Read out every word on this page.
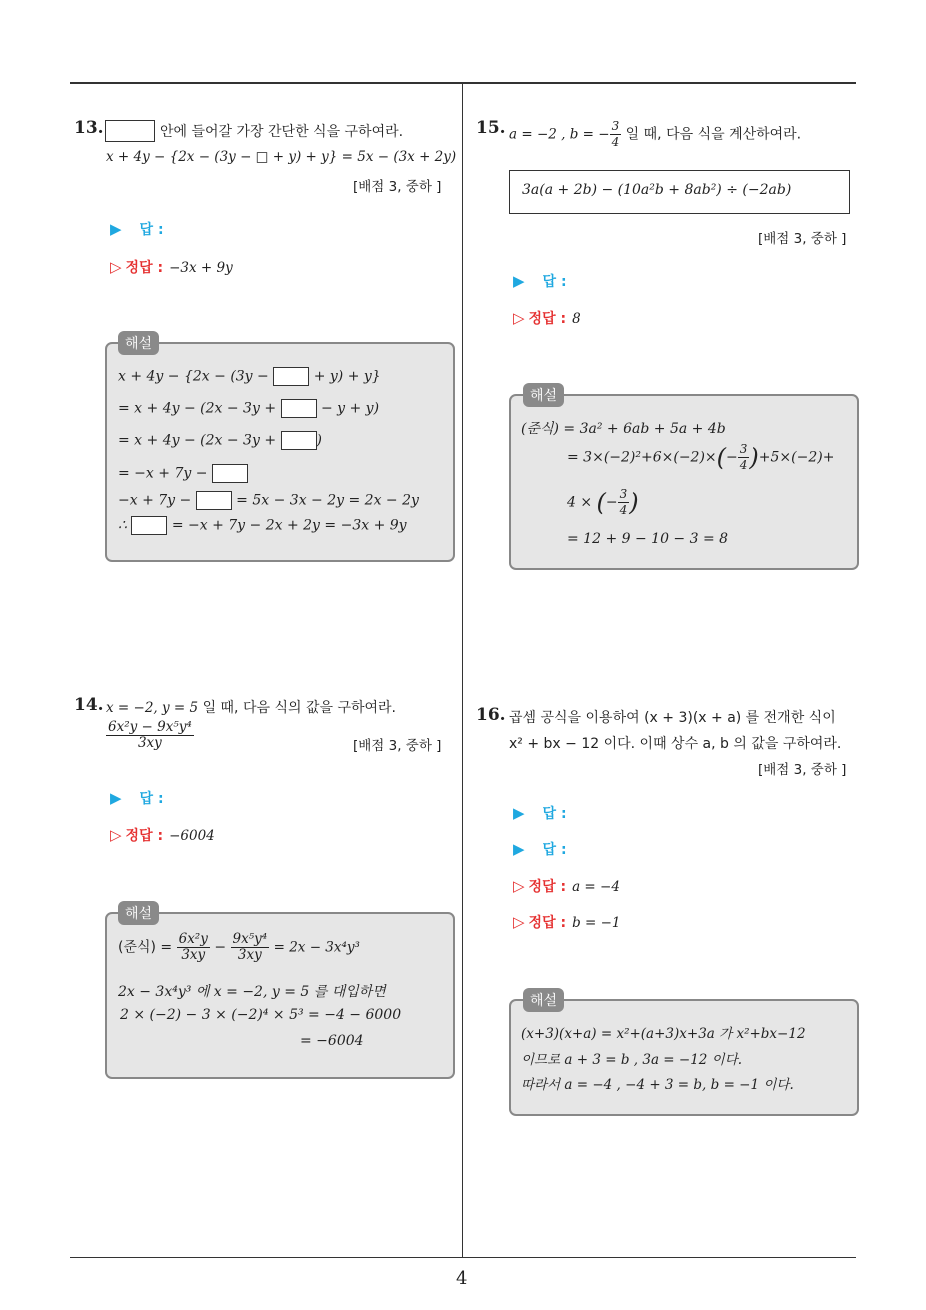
4
13.	안에 들어갈 가장 간단한 식을 구하여라.
x + 4y − {2x − (3y − □ + y) + y} = 5x − (3x + 2y)
[배점 3, 중하 ]
▶ 답 :
▷ 정답 : −3x + 9y
해설
x + 4y − {2x − (3y −	+ y) + y}
= x + 4y − (2x − 3y +	− y + y)
= x + 4y − (2x − 3y +	)
= −x + 7y −
−x + 7y −	= 5x − 3x − 2y = 2x − 2y
∴	= −x + 7y − 2x + 2y = −3x + 9y
14. x = −2, y = 5 일 때, 다음 식의 값을 구하여라.
$\frac{\text{6x²y − 9x⁵y⁴}}{3xy}$	[배점 3, 중하 ]
▶ 답 :
▷ 정답 : −6004
해설
(준식) = $\frac{\text{6x²y}}{3xy} - \frac{\text{9x⁵y⁴}}{3xy} = 2x - 3x^4y^3$
2x − 3x⁴y³ 에 x = −2, y = 5 를 대입하면
2 × (−2) − 3 × (−2)⁴ × 5³ = −4 − 6000
= −6004
15. a = −2 , b = − $\frac{3}{4}$ 일 때, 다음 식을 계산하여라.
3a(a + 2b) − (10a²b + 8ab²) ÷ (−2ab)
[배점 3, 중하 ]
▶ 답 :
▷ 정답 : 8
해설
(준식) = 3a² + 6ab + 5a + 4b
= $3\times(-2)^2+6\times(-2)\times(- \frac{3}{4} )+5\times(-2)+$
4 × (− $\frac{3}{4}$ )
= 12 + 9 − 10 − 3 = 8
16. 곱셈 공식을 이용하여 (x + 3)(x + a) 를 전개한 식이
x² + bx − 12 이다. 이때 상수 a, b 의 값을 구하여라.
[배점 3, 중하 ]
▶ 답 :
▶ 답 :
▷ 정답 : a = −4
▷ 정답 : b = −1
해설
(x+3)(x+a) = x²+(a+3)x+3a 가 x²+bx−12
이므로 a + 3 = b , 3a = −12 이다.
따라서 a = −4 , −4 + 3 = b, b = −1 이다.
